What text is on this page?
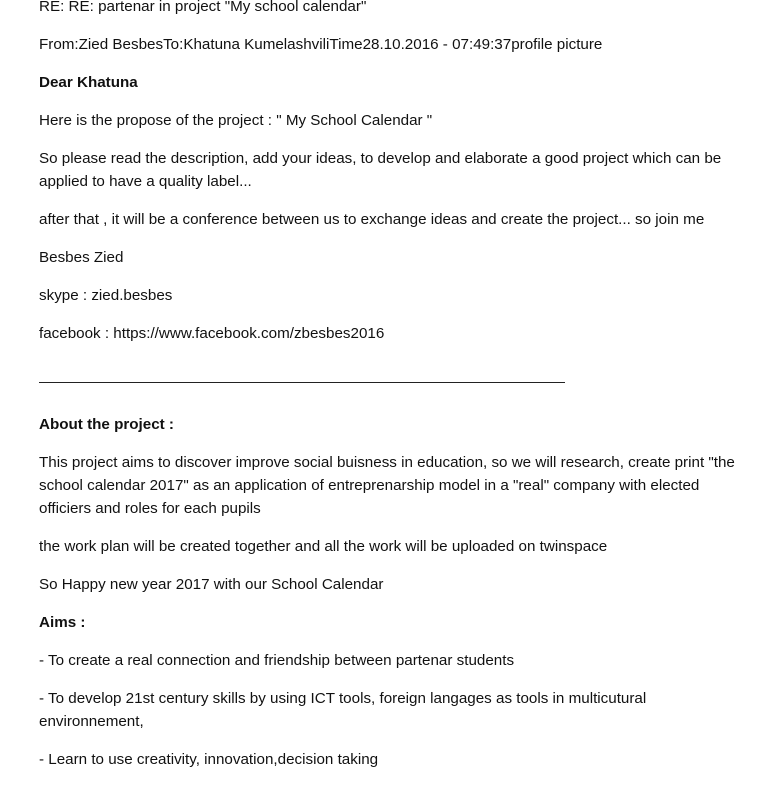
RE: RE: partenar in project "My school calendar"

From:Zied BesbesTo:Khatuna KumelashviliTime28.10.2016 - 07:49:37profile picture

Dear Khatuna

Here is the propose of the project : " My School Calendar "

So please read the description, add your ideas, to develop and elaborate a good project which can be applied to have a quality label...

after that , it will be a conference between us to exchange ideas and create the project... so join me

Besbes Zied

skype : zied.besbes

facebook : https://www.facebook.com/zbesbes2016

About the project :

This project aims to discover improve social buisness in education, so we will research, create print "the school calendar 2017" as an application of entreprenarship model in a "real" company with elected officiers and roles for each pupils

the work plan will be created together and all the work will be uploaded on twinspace

So Happy new year 2017 with our School Calendar

Aims :

- To create a real connection and friendship between partenar students

- To develop 21st century skills by using ICT tools, foreign langages as tools in multicutural environnement,

- Learn to use creativity, innovation,decision taking
